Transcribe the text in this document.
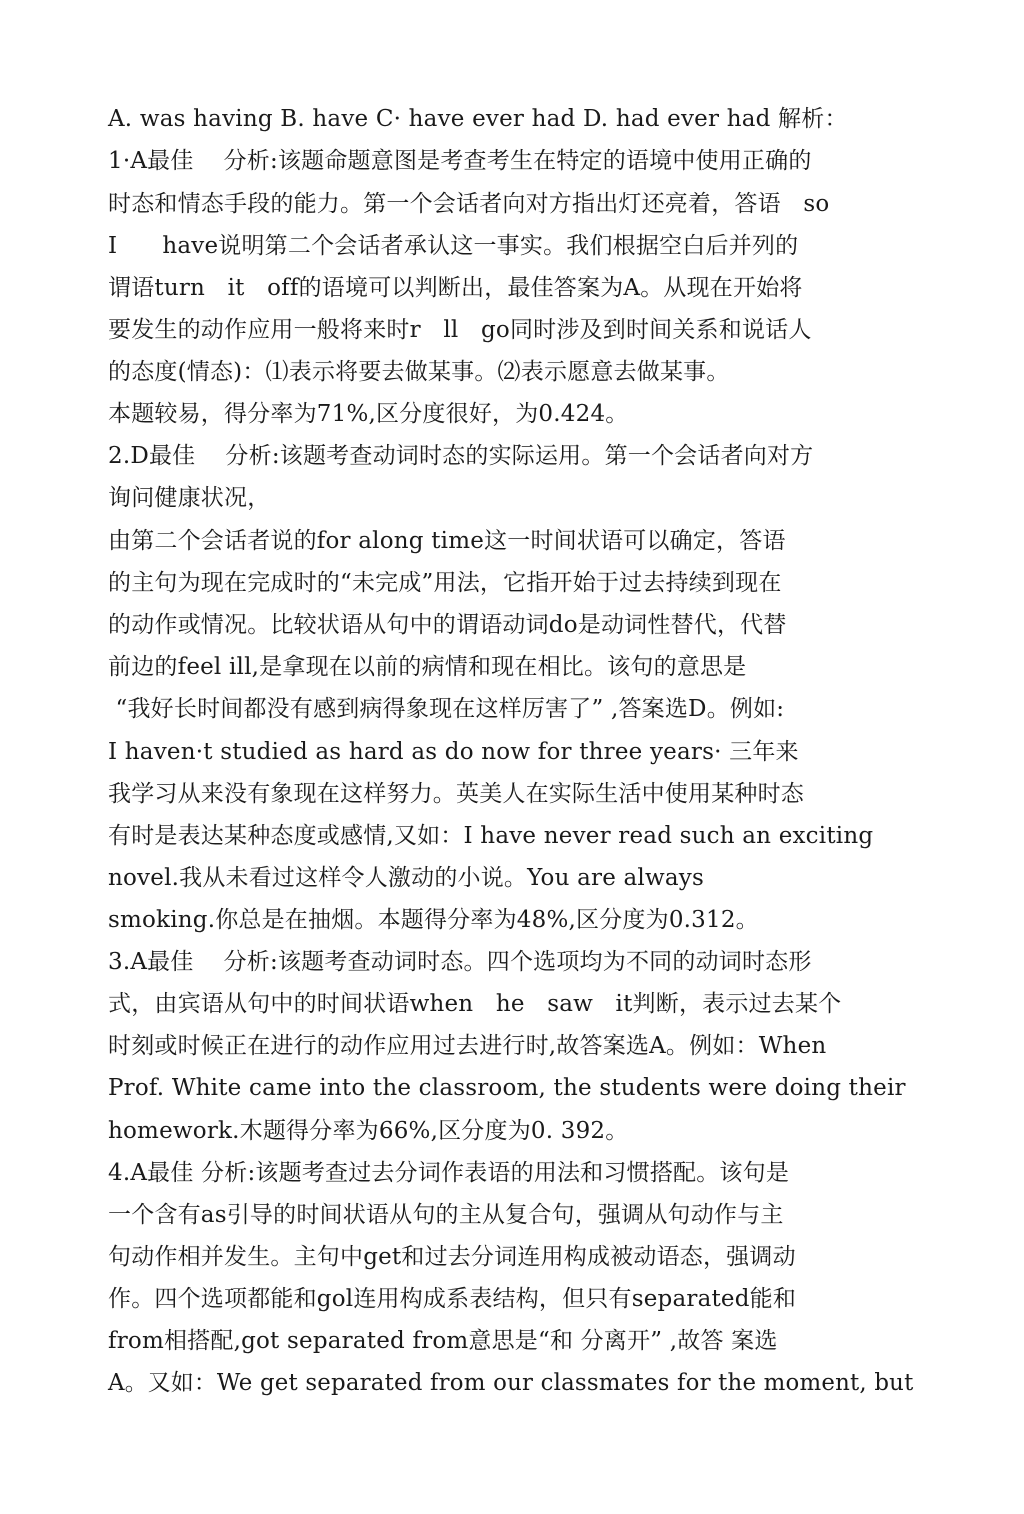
A. was having B. have C· have ever had D. had ever had 解析：
1·A最佳    分析:该题命题意图是考查考生在特定的语境中使用正确的
时态和情态手段的能力。第一个会话者向对方指出灯还亮着，答语   so
I      have说明第二个会话者承认这一事实。我们根据空白后并列的
谓语turn   it   off的语境可以判断出，最佳答案为A。从现在开始将
要发生的动作应用一般将来时r   ll   go同时涉及到时间关系和说话人
的态度(情态)：⑴表示将要去做某事。⑵表示愿意去做某事。
本题较易，得分率为71%,区分度很好，为0.424。
2.D最佳    分析:该题考查动词时态的实际运用。第一个会话者向对方
询问健康状况，
由第二个会话者说的for along time这一时间状语可以确定，答语
的主句为现在完成时的“未完成”用法，它指开始于过去持续到现在
的动作或情况。比较状语从句中的谓语动词do是动词性替代，代替
前边的feel ill,是拿现在以前的病情和现在相比。该句的意思是
“我好长时间都没有感到病得象现在这样厉害了” ,答案选D。例如:
I haven·t studied as hard as do now for three years· 三年来
我学习从来没有象现在这样努力。英美人在实际生活中使用某种时态
有时是表达某种态度或感情,又如：I have never read such an exciting
novel.我从未看过这样令人激动的小说。You are always
smoking.你总是在抽烟。本题得分率为48%,区分度为0.312。
3.A最佳    分析:该题考查动词时态。四个选项均为不同的动词时态形
式，由宾语从句中的时间状语when   he   saw   it判断，表示过去某个
时刻或时候正在进行的动作应用过去进行时,故答案选A。例如：When
Prof. White came into the classroom, the students were doing their
homework.木题得分率为66%,区分度为0. 392。
4.A最佳 分析:该题考查过去分词作表语的用法和习惯搭配。该句是
一个含有as引导的时间状语从句的主从复合句，强调从句动作与主
句动作相并发生。主句中get和过去分词连用构成被动语态，强调动
作。四个选项都能和gol连用构成系表结构，但只有separated能和
from相搭配,got separated from意思是“和 分离开” ,故答 案选
A。又如：We get separated from our classmates for the moment, but
